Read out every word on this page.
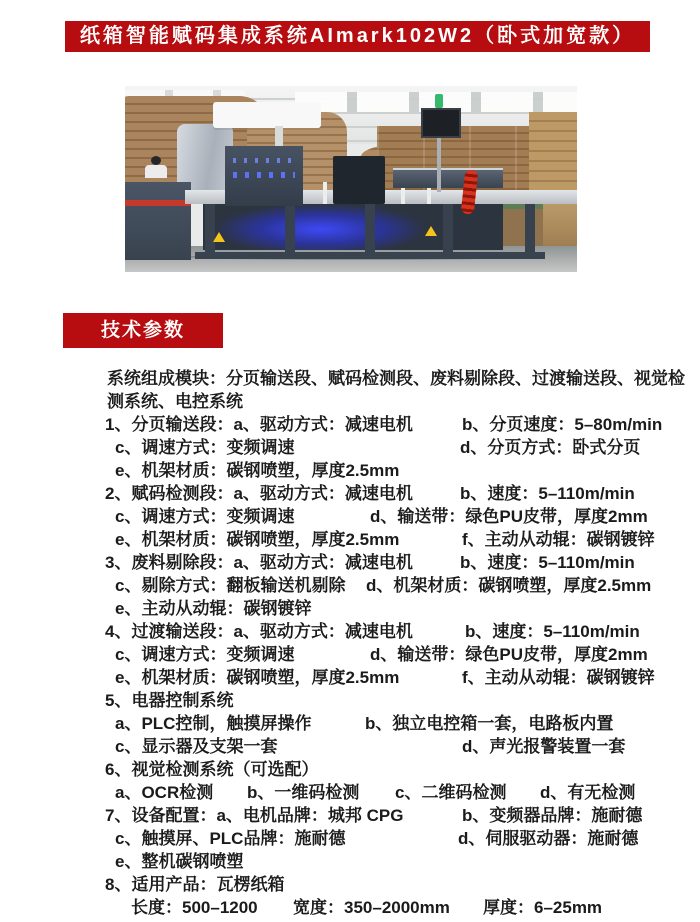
纸箱智能赋码集成系统AImark102W2（卧式加宽款）
技术参数
系统组成模块：分页输送段、赋码检测段、废料剔除段、过渡输送段、视觉检
测系统、电控系统
1、分页输送段：a、驱动方式：减速电机	b、分页速度：5–80m/min
c、调速方式：变频调速	d、分页方式：卧式分页
e、机架材质：碳钢喷塑，厚度2.5mm
2、赋码检测段：a、驱动方式：减速电机	b、速度：5–110m/min
c、调速方式：变频调速	d、输送带：绿色PU皮带，厚度2mm
e、机架材质：碳钢喷塑，厚度2.5mm	f、主动从动辊：碳钢镀锌
3、废料剔除段：a、驱动方式：减速电机	b、速度：5–110m/min
c、剔除方式：翻板输送机剔除 d、机架材质：碳钢喷塑，厚度2.5mm
e、主动从动辊：碳钢镀锌
4、过渡输送段：a、驱动方式：减速电机	b、速度：5–110m/min
c、调速方式：变频调速	d、输送带：绿色PU皮带，厚度2mm
e、机架材质：碳钢喷塑，厚度2.5mm	f、主动从动辊：碳钢镀锌
5、电器控制系统
a、PLC控制，触摸屏操作	b、独立电控箱一套，电路板内置
c、显示器及支架一套	d、声光报警装置一套
6、视觉检测系统（可选配）
a、OCR检测 b、一维码检测 c、二维码检测 d、有无检测
7、设备配置：a、电机品牌：城邦 CPG	b、变频器品牌：施耐德
c、触摸屏、PLC品牌：施耐德	d、伺服驱动器：施耐德
e、整机碳钢喷塑
8、适用产品：瓦楞纸箱
长度：500–1200 宽度：350–2000mm 厚度：6–25mm
